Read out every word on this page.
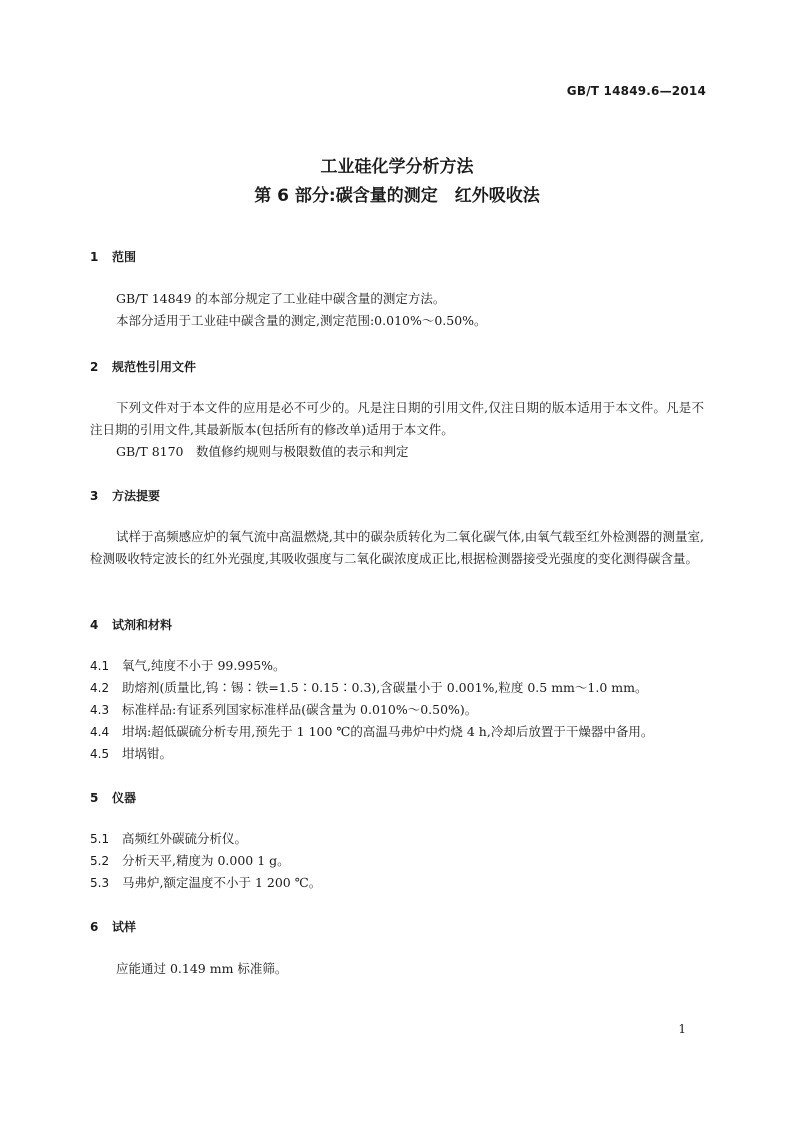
GB/T 14849.6—2014
工业硅化学分析方法
第 6 部分:碳含量的测定　红外吸收法
1 范围
GB/T 14849 的本部分规定了工业硅中碳含量的测定方法。
本部分适用于工业硅中碳含量的测定,测定范围:0.010%～0.50%。
2 规范性引用文件
下列文件对于本文件的应用是必不可少的。凡是注日期的引用文件,仅注日期的版本适用于本文件。凡是不注日期的引用文件,其最新版本(包括所有的修改单)适用于本文件。
GB/T 8170　数值修约规则与极限数值的表示和判定
3 方法提要
试样于高频感应炉的氧气流中高温燃烧,其中的碳杂质转化为二氧化碳气体,由氧气载至红外检测器的测量室,检测吸收特定波长的红外光强度,其吸收强度与二氧化碳浓度成正比,根据检测器接受光强度的变化测得碳含量。
4 试剂和材料
4.1 氧气,纯度不小于 99.995%。
4.2 助熔剂(质量比,钨∶锡∶铁=1.5∶0.15∶0.3),含碳量小于 0.001%,粒度 0.5 mm～1.0 mm。
4.3 标准样品:有证系列国家标准样品(碳含量为 0.010%～0.50%)。
4.4 坩埚:超低碳硫分析专用,预先于 1 100 ℃的高温马弗炉中灼烧 4 h,冷却后放置于干燥器中备用。
4.5 坩埚钳。
5 仪器
5.1 高频红外碳硫分析仪。
5.2 分析天平,精度为 0.000 1 g。
5.3 马弗炉,额定温度不小于 1 200 ℃。
6 试样
应能通过 0.149 mm 标准筛。
1
